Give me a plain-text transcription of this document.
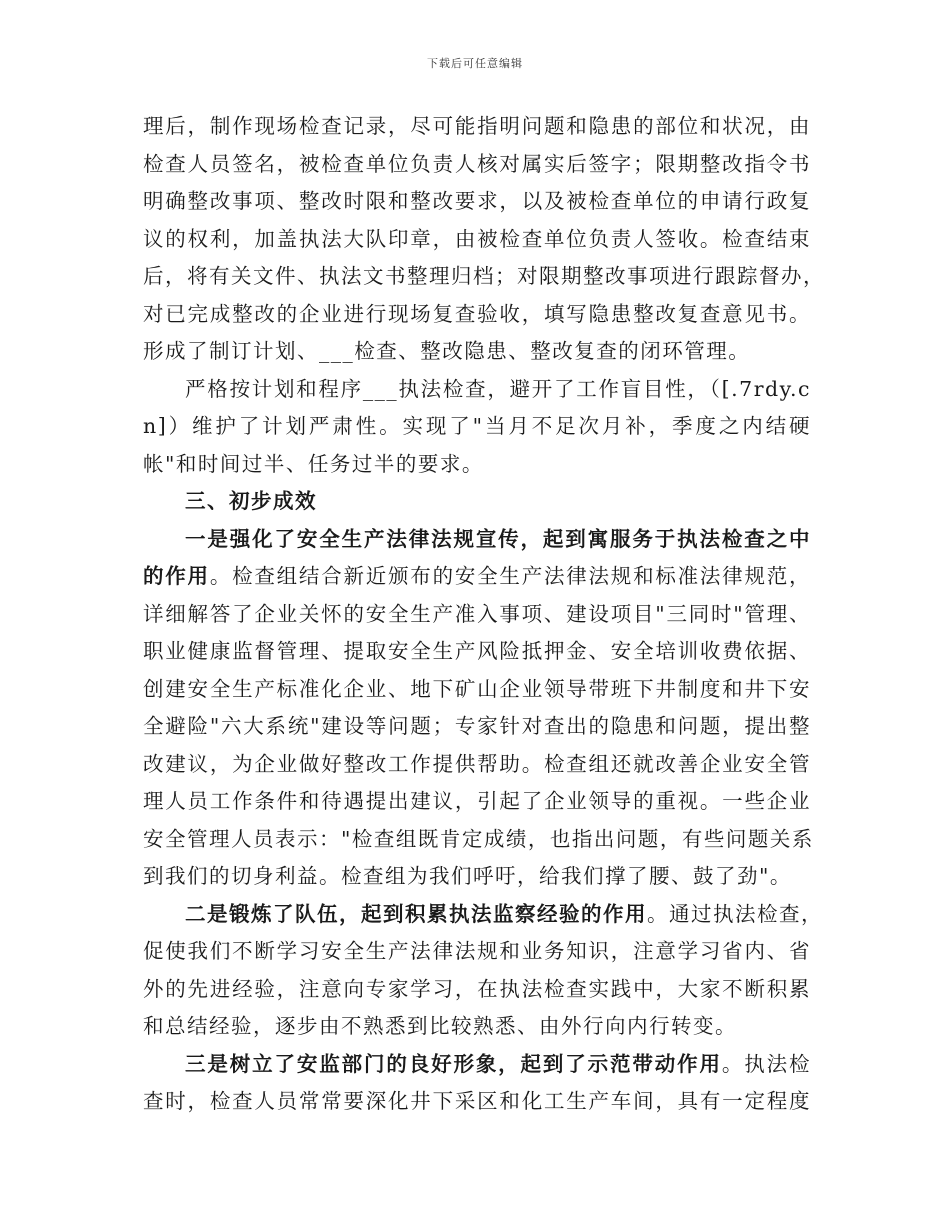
下载后可任意编辑
理后，制作现场检查记录，尽可能指明问题和隐患的部位和状况，由
检查人员签名，被检查单位负责人核对属实后签字；限期整改指令书
明确整改事项、整改时限和整改要求，以及被检查单位的申请行政复
议的权利，加盖执法大队印章，由被检查单位负责人签收。检查结束
后，将有关文件、执法文书整理归档；对限期整改事项进行跟踪督办，
对已完成整改的企业进行现场复查验收，填写隐患整改复查意见书。
形成了制订计划、___检查、整改隐患、整改复查的闭环管理。
严格按计划和程序___执法检查，避开了工作盲目性，（[.7rdy.c
n]）维护了计划严肃性。实现了"当月不足次月补，季度之内结硬
帐"和时间过半、任务过半的要求。
三、初步成效
一是强化了安全生产法律法规宣传，起到寓服务于执法检查之中
的作用。检查组结合新近颁布的安全生产法律法规和标准法律规范，
详细解答了企业关怀的安全生产准入事项、建设项目"三同时"管理、
职业健康监督管理、提取安全生产风险抵押金、安全培训收费依据、
创建安全生产标准化企业、地下矿山企业领导带班下井制度和井下安
全避险"六大系统"建设等问题；专家针对查出的隐患和问题，提出整
改建议，为企业做好整改工作提供帮助。检查组还就改善企业安全管
理人员工作条件和待遇提出建议，引起了企业领导的重视。一些企业
安全管理人员表示："检查组既肯定成绩，也指出问题，有些问题关系
到我们的切身利益。检查组为我们呼吁，给我们撑了腰、鼓了劲"。
二是锻炼了队伍，起到积累执法监察经验的作用。通过执法检查，
促使我们不断学习安全生产法律法规和业务知识，注意学习省内、省
外的先进经验，注意向专家学习，在执法检查实践中，大家不断积累
和总结经验，逐步由不熟悉到比较熟悉、由外行向内行转变。
三是树立了安监部门的良好形象，起到了示范带动作用。执法检
查时，检查人员常常要深化井下采区和化工生产车间，具有一定程度
